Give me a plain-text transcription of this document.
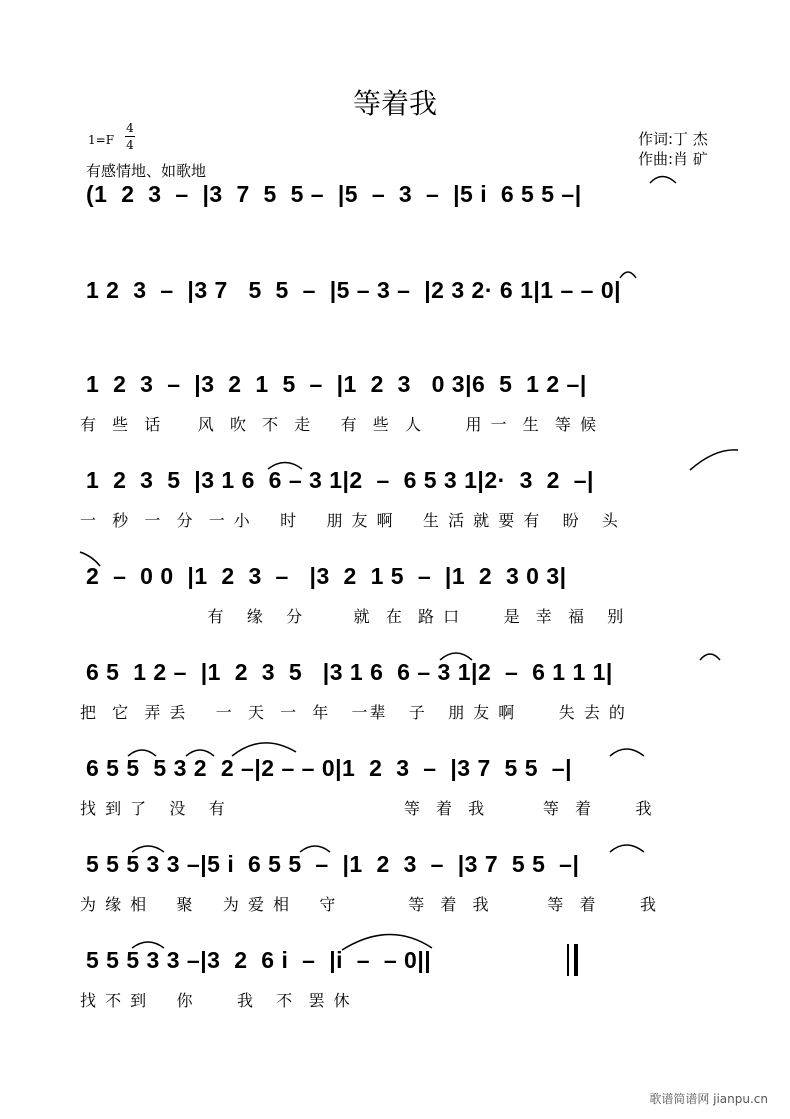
等着我
1=F
4
4
有感情地、如歌地
作词:丁 杰
作曲:肖 矿
(1  2  3  –  |3  7  5  5 –  |5  –  3  –  |5 i  6 5 5 –|
1 2  3  –  |3 7   5  5  –  |5 – 3 –  |2 3 2· 6 1|1 – – 0|
1  2  3  –  |3  2  1  5  –  |1  2  3   0 3|6  5  1 2 –|
有  些  话     风  吹  不  走    有  些  人      用 一  生  等 候
1  2  3  5  |3 1 6  6 – 3 1|2  –  6 5 3 1|2·  3  2  –|
一  秒  一  分  一 小    时    朋 友 啊    生 活 就 要 有   盼   头
2  –  0 0  |1  2  3  –   |3  2  1 5  –  |1  2  3 0 3|
有   缘   分       就  在  路 口      是  幸  福   别
6 5  1 2 –  |1  2  3  5   |3 1 6  6 – 3 1|2  –  6 1 1 1|
把  它  弄 丢    一  天  一  年   一辈   子   朋 友 啊      失 去 的
6 5 5  5 3 2  2 –|2 – – 0|1  2  3  –  |3 7  5 5  –|
找 到 了   没   有                         等  着  我        等  着      我
5 5 5 3 3 –|5 i  6 5 5  –  |1  2  3  –  |3 7  5 5  –|
为 缘 相    聚    为 爱 相    守          等  着  我        等  着      我
5 5 5 3 3 –|3  2  6 i  –  |i  –  – 0||
找 不 到    你      我   不  罢 休
歌谱简谱网 jianpu.cn
